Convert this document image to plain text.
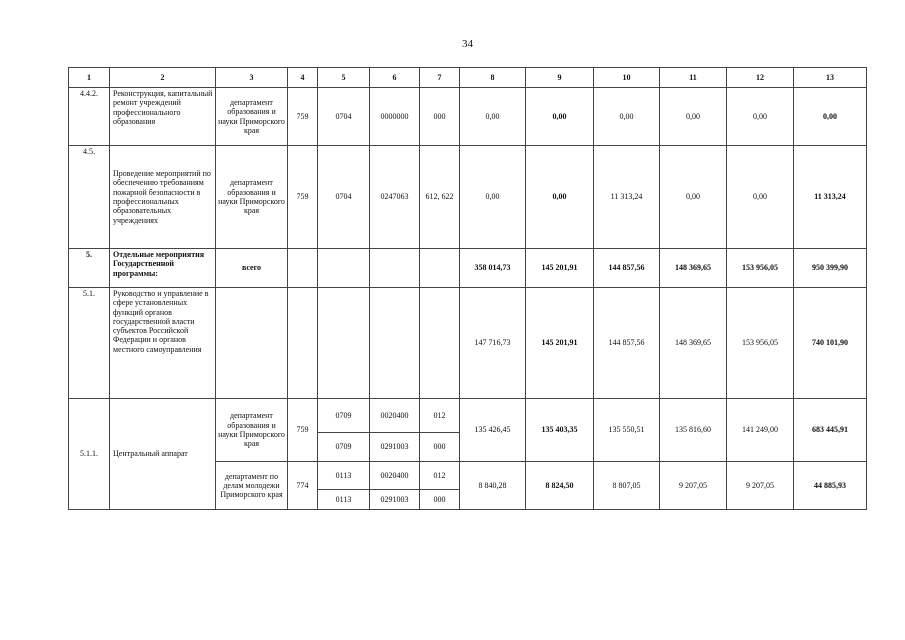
34
1	2	3	4	5	6	7	8	9	10	11	12	13
4.4.2.	Реконструкция, капитальный ремонт учреждений профессионального образования	департамент образования и науки Приморского края	759	0704	0000000	000	0,00	0,00	0,00	0,00	0,00	0,00
4.5.	Проведение мероприятий по обеспечению требованиям пожарной безопасности в профессиональных образовательных учреждениях	департамент образования и науки Приморского края	759	0704	0247063	612, 622	0,00	0,00	11 313,24	0,00	0,00	11 313,24
5.	Отдельные мероприятия Государственной программы:	всего					358 014,73	145 201,91	144 857,56	148 369,65	153 956,05	950 399,90
5.1.	Руководство и управление в сфере установленных функций органов государственной власти субъектов Российской Федерации и органов местного самоуправления						147 716,73	145 201,91	144 857,56	148 369,65	153 956,05	740 101,90
5.1.1.	Центральный аппарат	департамент образования и науки Приморского края	759	0709	0020400	012	135 426,45	135 403,35	135 550,51	135 816,60	141 249,00	683 445,91
				0709	0291003	000						
		департамент по делам молодежи Приморского края	774	0113	0020400	012	8 840,28	8 824,50	8 807,05	9 207,05	9 207,05	44 885,93
				0113	0291003	000						
